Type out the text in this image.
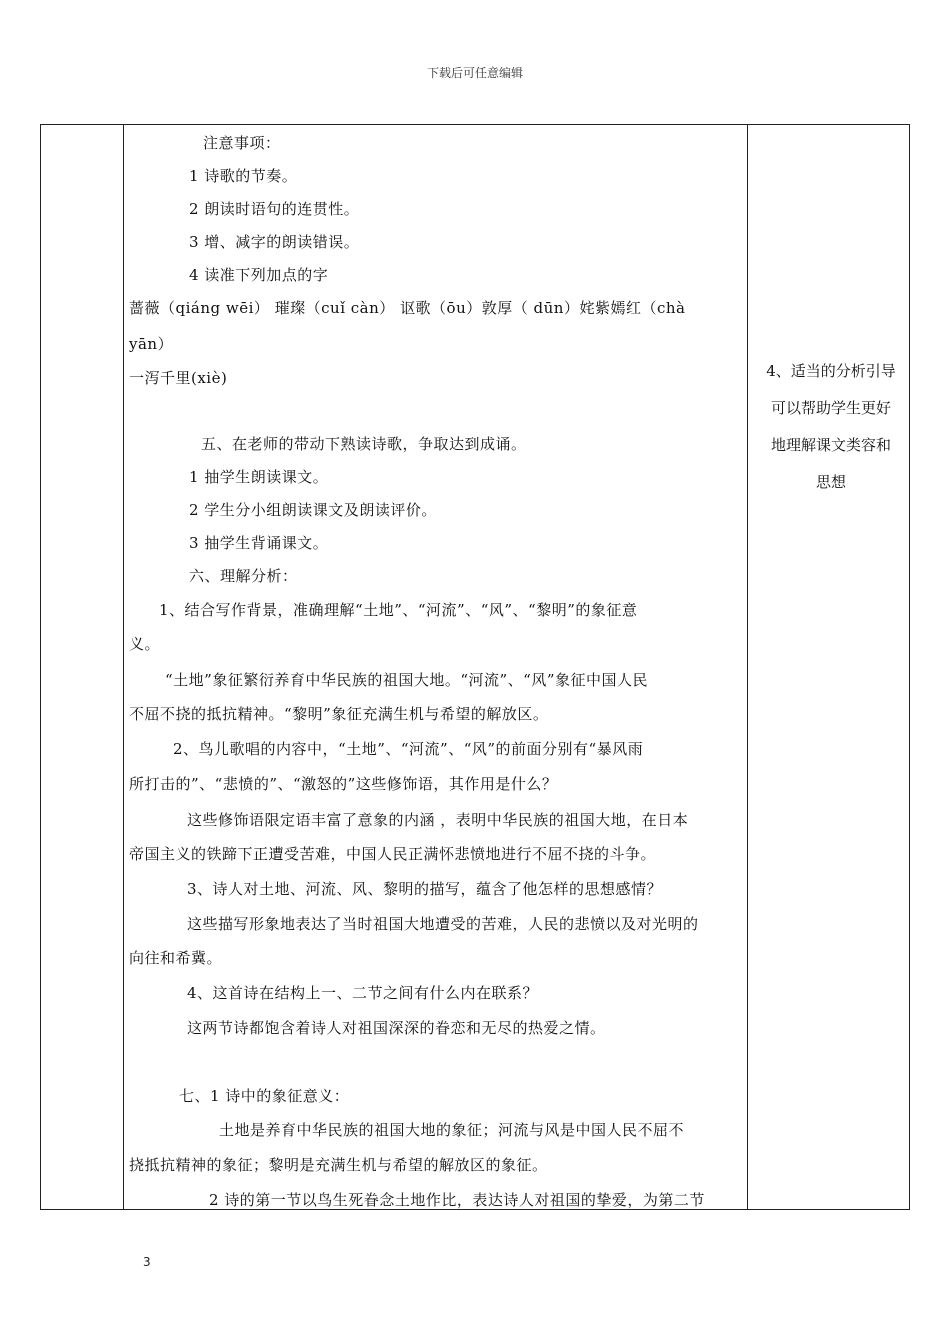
下载后可任意编辑
注意事项：
1 诗歌的节奏。
2 朗读时语句的连贯性。
3 增、减字的朗读错误。
4 读准下列加点的字
蔷薇（qiáng wēi） 璀璨（cuǐ càn） 讴歌（ōu）敦厚（ dūn）姹紫嫣红（chà
yān）
一泻千里(xiè)
五、在老师的带动下熟读诗歌，争取达到成诵。
1 抽学生朗读课文。
2 学生分小组朗读课文及朗读评价。
3 抽学生背诵课文。
六、理解分析：
1、结合写作背景，准确理解“土地”、“河流”、“风”、“黎明”的象征意
义。
“土地”象征繁衍养育中华民族的祖国大地。“河流”、“风”象征中国人民
不屈不挠的抵抗精神。“黎明”象征充满生机与希望的解放区。
2、鸟儿歌唱的内容中，“土地”、“河流”、“风”的前面分别有“暴风雨
所打击的”、“悲愤的”、“激怒的”这些修饰语，其作用是什么？
这些修饰语限定语丰富了意象的内涵 ，表明中华民族的祖国大地，在日本
帝国主义的铁蹄下正遭受苦难，中国人民正满怀悲愤地进行不屈不挠的斗争。
3、诗人对土地、河流、风、黎明的描写，蕴含了他怎样的思想感情？
这些描写形象地表达了当时祖国大地遭受的苦难，人民的悲愤以及对光明的
向往和希冀。
4、这首诗在结构上一、二节之间有什么内在联系？
这两节诗都饱含着诗人对祖国深深的眷恋和无尽的热爱之情。
七、1 诗中的象征意义：
土地是养育中华民族的祖国大地的象征；河流与风是中国人民不屈不
挠抵抗精神的象征；黎明是充满生机与希望的解放区的象征。
2 诗的第一节以鸟生死眷念土地作比，表达诗人对祖国的挚爱，为第二节
4、适当的分析引导
可以帮助学生更好
地理解课文类容和
思想
3
